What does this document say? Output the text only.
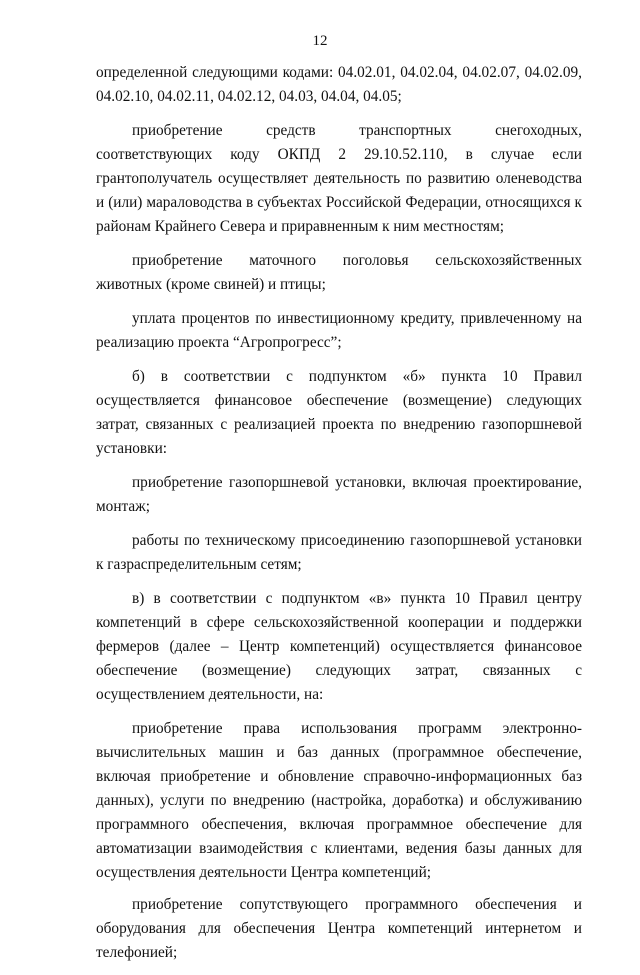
12

определенной следующими кодами: 04.02.01, 04.02.04, 04.02.07, 04.02.09, 04.02.10, 04.02.11, 04.02.12, 04.03, 04.04, 04.05;

приобретение средств транспортных снегоходных, соответствующих коду ОКПД 2 29.10.52.110, в случае если грантополучатель осуществляет деятельность по развитию оленеводства и (или) мараловодства в субъектах Российской Федерации, относящихся к районам Крайнего Севера и приравненным к ним местностям;

приобретение маточного поголовья сельскохозяйственных животных (кроме свиней) и птицы;

уплата процентов по инвестиционному кредиту, привлеченному на реализацию проекта “Агропрогресс”;

б) в соответствии с подпунктом «б» пункта 10 Правил осуществляется финансовое обеспечение (возмещение) следующих затрат, связанных с реализацией проекта по внедрению газопоршневой установки:

приобретение газопоршневой установки, включая проектирование, монтаж;

работы по техническому присоединению газопоршневой установки к газраспределительным сетям;

в) в соответствии с подпунктом «в» пункта 10 Правил центру компетенций в сфере сельскохозяйственной кооперации и поддержки фермеров (далее – Центр компетенций) осуществляется финансовое обеспечение (возмещение) следующих затрат, связанных с осуществлением деятельности, на:

приобретение права использования программ электронно-вычислительных машин и баз данных (программное обеспечение, включая приобретение и обновление справочно-информационных баз данных), услуги по внедрению (настройка, доработка) и обслуживанию программного обеспечения, включая программное обеспечение для автоматизации взаимодействия с клиентами, ведения базы данных для осуществления деятельности Центра компетенций;

приобретение сопутствующего программного обеспечения и оборудования для обеспечения Центра компетенций интернетом и телефонией;
